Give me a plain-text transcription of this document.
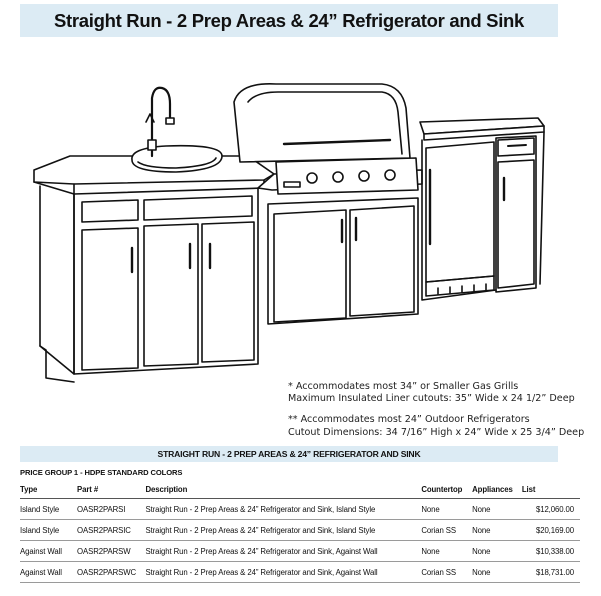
Straight Run - 2 Prep Areas & 24” Refrigerator and Sink

* Accommodates most 34” or Smaller Gas Grills

Maximum Insulated Liner cutouts: 35” Wide x 24 1/2” Deep

** Accommodates most 24” Outdoor Refrigerators

Cutout Dimensions: 34 7/16” High x 24” Wide x 25 3/4” Deep

STRAIGHT RUN - 2 PREP AREAS & 24” REFRIGERATOR AND SINK
PRICE GROUP 1 - HDPE STANDARD COLORS
Type	Part #	Description	Countertop	Appliances	List
Island Style	OASR2PARSI	Straight Run - 2 Prep Areas & 24” Refrigerator and Sink, Island Style	None	None	$12,060.00
Island Style	OASR2PARSIC	Straight Run - 2 Prep Areas & 24” Refrigerator and Sink, Island Style	Corian SS	None	$20,169.00
Against Wall	OASR2PARSW	Straight Run - 2 Prep Areas & 24” Refrigerator and Sink, Against Wall	None	None	$10,338.00
Against Wall	OASR2PARSWC	Straight Run - 2 Prep Areas & 24” Refrigerator and Sink, Against Wall	Corian SS	None	$18,731.00
